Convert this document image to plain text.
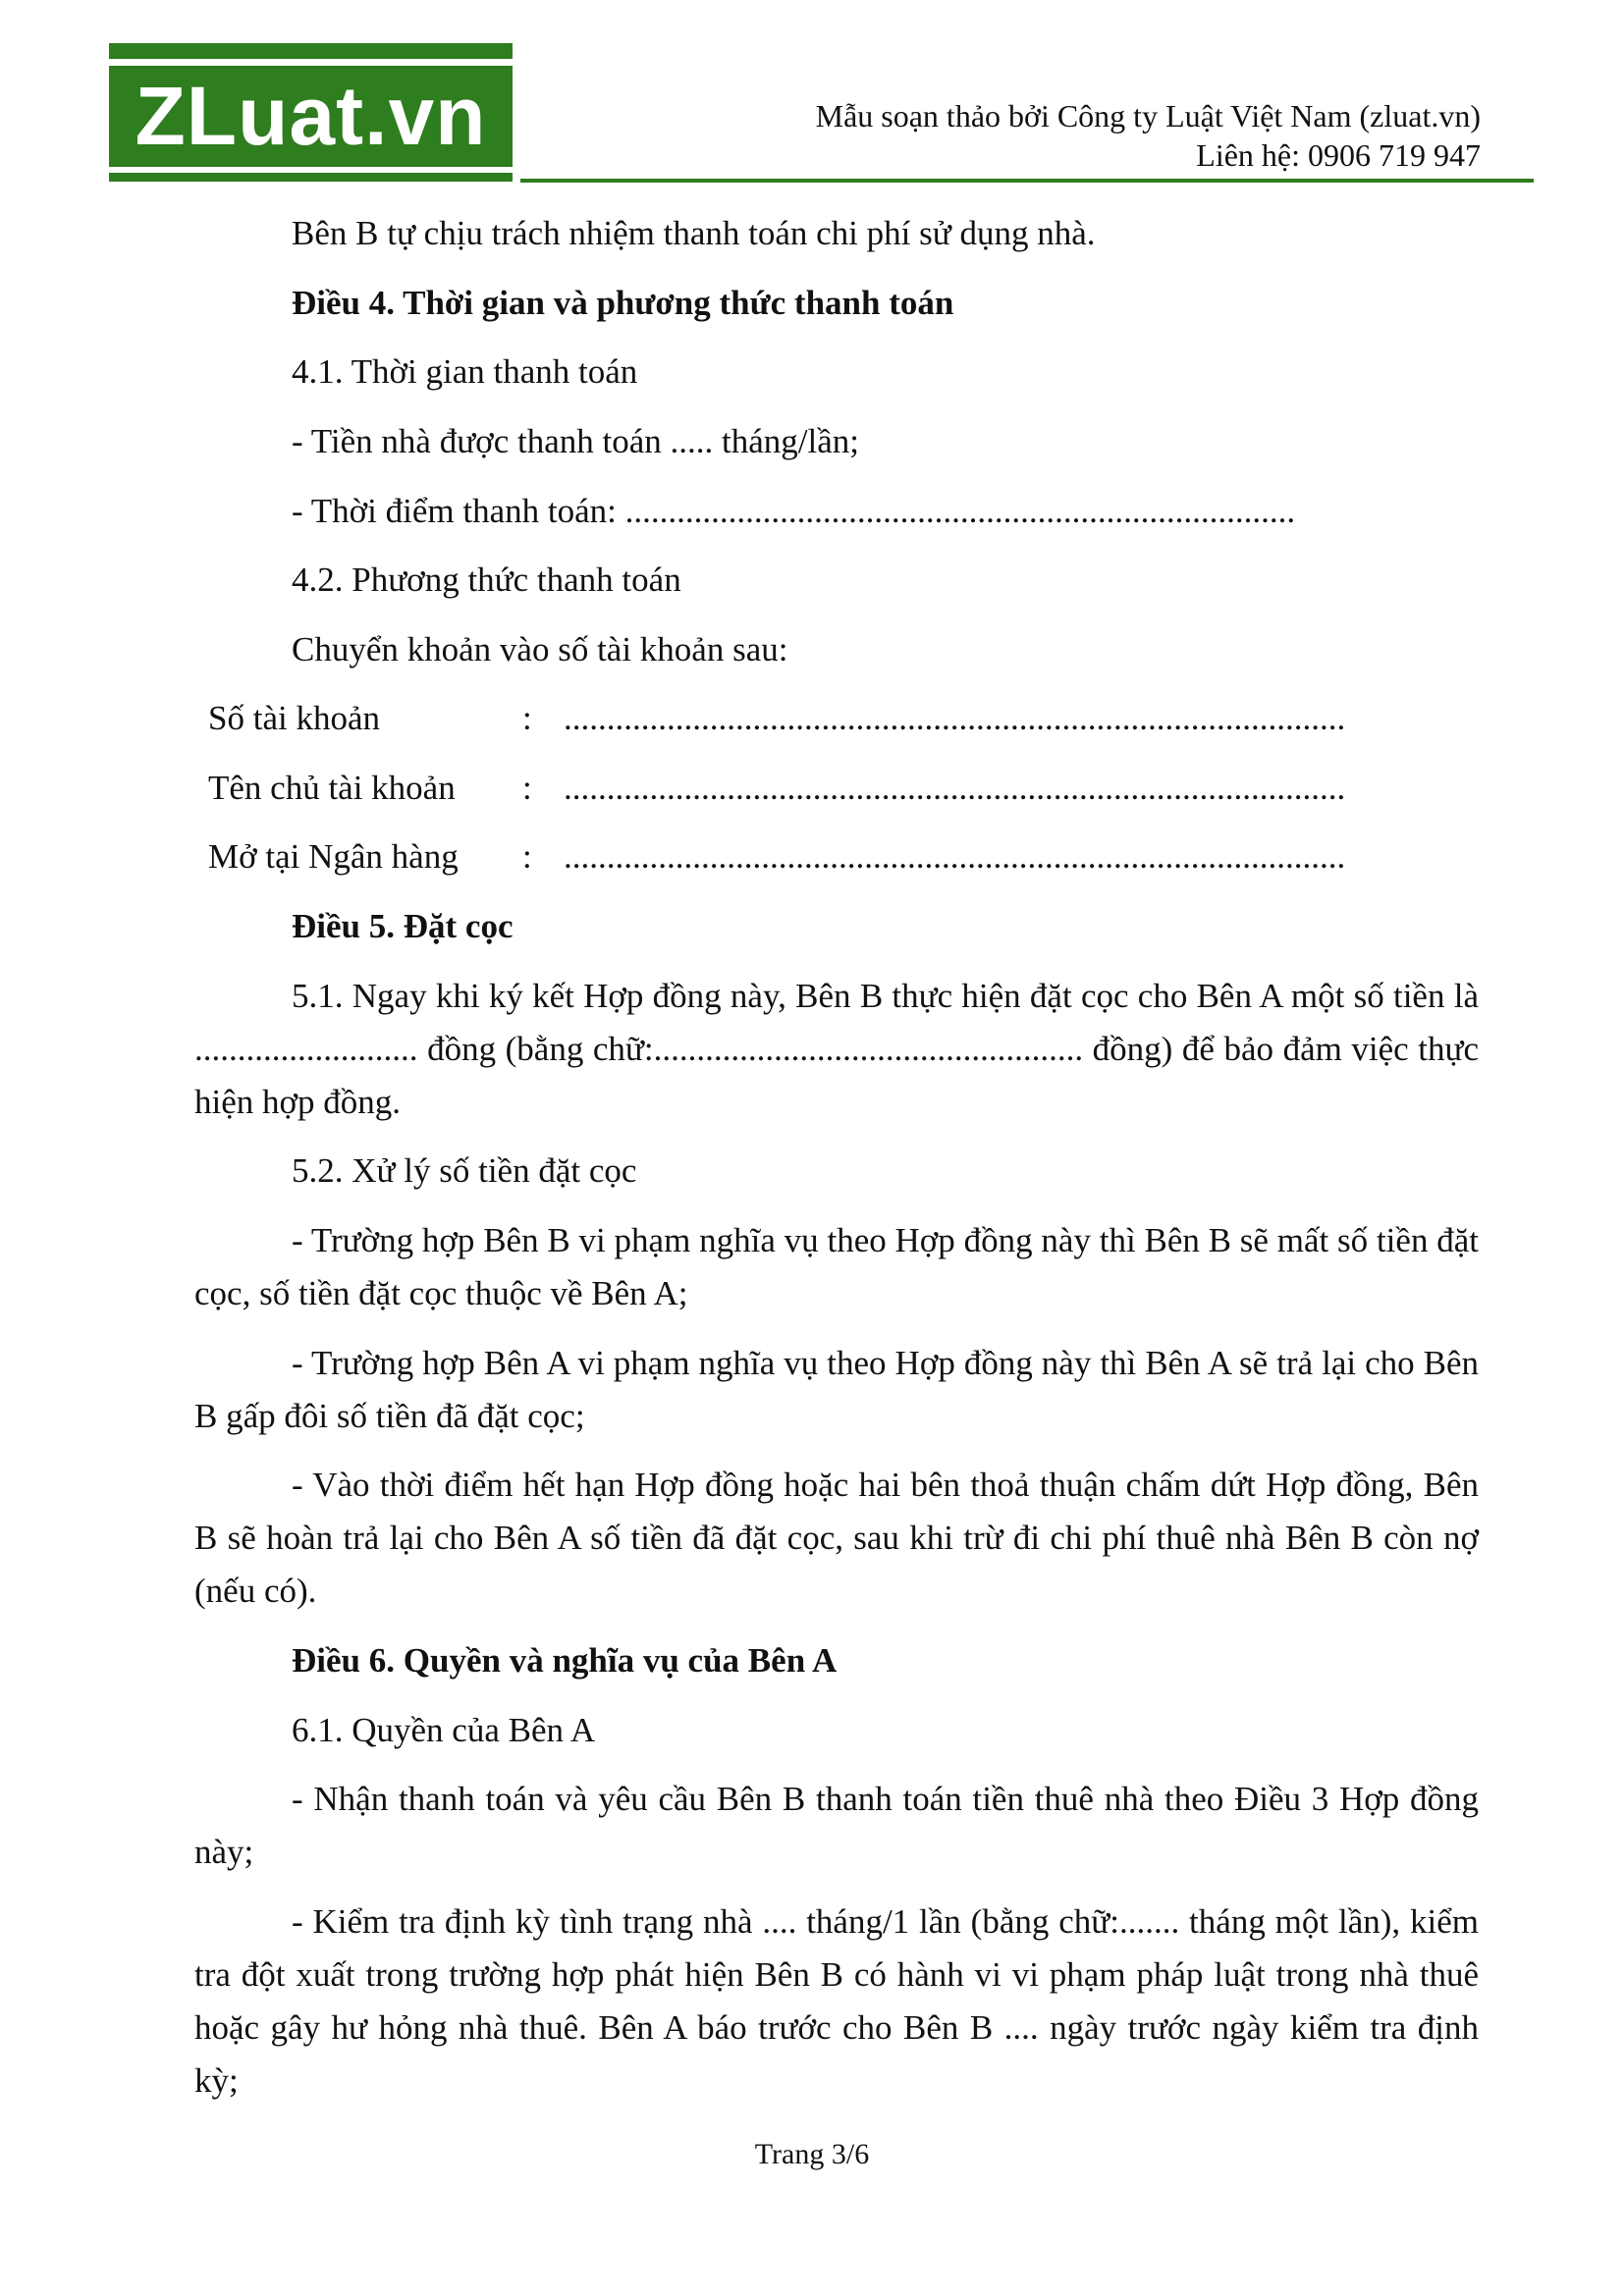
ZLuat.vn	Mẫu soạn thảo bởi Công ty Luật Việt Nam (zluat.vn)
Liên hệ: 0906 719 947
Bên B tự chịu trách nhiệm thanh toán chi phí sử dụng nhà.
Điều 4. Thời gian và phương thức thanh toán
4.1. Thời gian thanh toán
- Tiền nhà được thanh toán ..... tháng/lần;
- Thời điểm thanh toán: ..............................................................................
4.2. Phương thức thanh toán
Chuyển khoản vào số tài khoản sau:
Số tài khoản	: ...........................................................................................
Tên chủ tài khoản : ...........................................................................................
Mở tại Ngân hàng : ...........................................................................................
Điều 5. Đặt cọc
5.1. Ngay khi ký kết Hợp đồng này, Bên B thực hiện đặt cọc cho Bên A một số tiền là .......................... đồng (bằng chữ:.................................................. đồng) để bảo đảm việc thực hiện hợp đồng.
5.2. Xử lý số tiền đặt cọc
- Trường hợp Bên B vi phạm nghĩa vụ theo Hợp đồng này thì Bên B sẽ mất số tiền đặt cọc, số tiền đặt cọc thuộc về Bên A;
- Trường hợp Bên A vi phạm nghĩa vụ theo Hợp đồng này thì Bên A sẽ trả lại cho Bên B gấp đôi số tiền đã đặt cọc;
- Vào thời điểm hết hạn Hợp đồng hoặc hai bên thoả thuận chấm dứt Hợp đồng, Bên B sẽ hoàn trả lại cho Bên A số tiền đã đặt cọc, sau khi trừ đi chi phí thuê nhà Bên B còn nợ (nếu có).
Điều 6. Quyền và nghĩa vụ của Bên A
6.1. Quyền của Bên A
- Nhận thanh toán và yêu cầu Bên B thanh toán tiền thuê nhà theo Điều 3 Hợp đồng này;
- Kiểm tra định kỳ tình trạng nhà .... tháng/1 lần (bằng chữ:....... tháng một lần), kiểm tra đột xuất trong trường hợp phát hiện Bên B có hành vi vi phạm pháp luật trong nhà thuê hoặc gây hư hỏng nhà thuê. Bên A báo trước cho Bên B .... ngày trước ngày kiểm tra định kỳ;
Trang 3/6
